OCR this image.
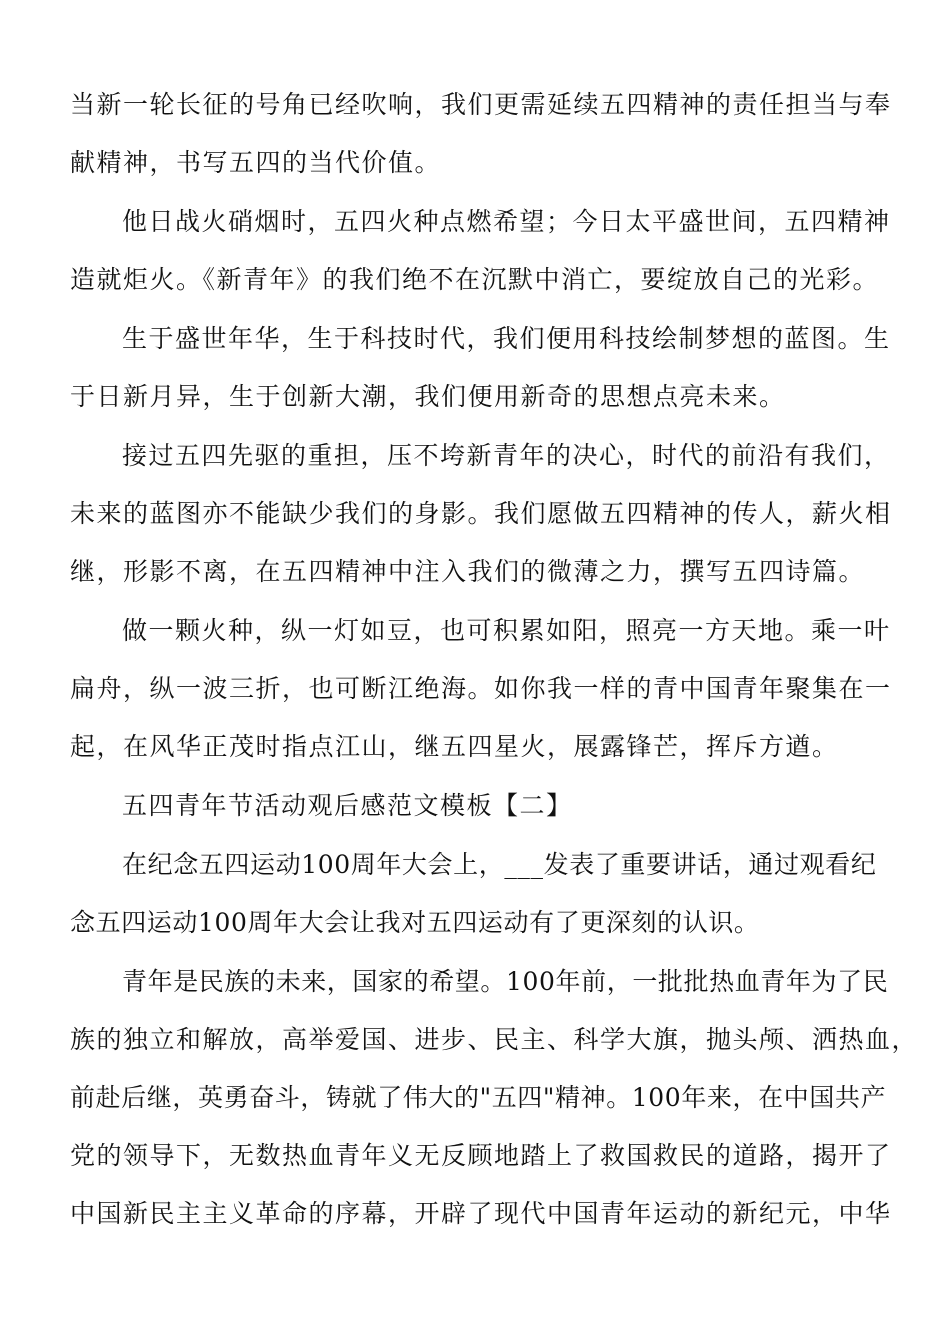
当新一轮长征的号角已经吹响，我们更需延续五四精神的责任担当与奉
献精神，书写五四的当代价值。
他日战火硝烟时，五四火种点燃希望；今日太平盛世间，五四精神
造就炬火。《新青年》的我们绝不在沉默中消亡，要绽放自己的光彩。
生于盛世年华，生于科技时代，我们便用科技绘制梦想的蓝图。生
于日新月异，生于创新大潮，我们便用新奇的思想点亮未来。
接过五四先驱的重担，压不垮新青年的决心，时代的前沿有我们，
未来的蓝图亦不能缺少我们的身影。我们愿做五四精神的传人，薪火相
继，形影不离，在五四精神中注入我们的微薄之力，撰写五四诗篇。
做一颗火种，纵一灯如豆，也可积累如阳，照亮一方天地。乘一叶
扁舟，纵一波三折，也可断江绝海。如你我一样的青中国青年聚集在一
起，在风华正茂时指点江山，继五四星火，展露锋芒，挥斥方遒。
五四青年节活动观后感范文模板【二】
在纪念五四运动100周年大会上，___发表了重要讲话，通过观看纪
念五四运动100周年大会让我对五四运动有了更深刻的认识。
青年是民族的未来，国家的希望。100年前，一批批热血青年为了民
族的独立和解放，高举爱国、进步、民主、科学大旗，抛头颅、洒热血，
前赴后继，英勇奋斗，铸就了伟大的"五四"精神。100年来，在中国共产
党的领导下，无数热血青年义无反顾地踏上了救国救民的道路，揭开了
中国新民主主义革命的序幕，开辟了现代中国青年运动的新纪元，中华
